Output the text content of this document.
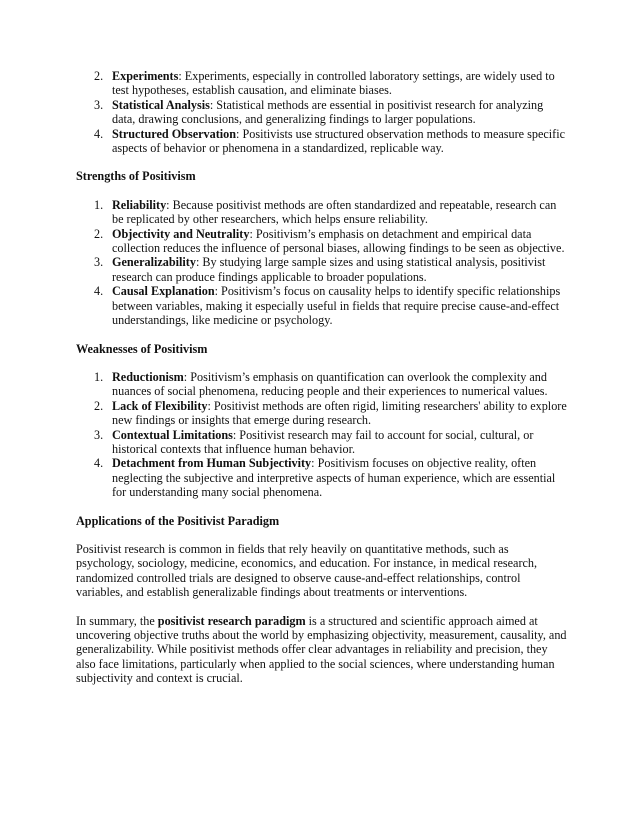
2. Experiments: Experiments, especially in controlled laboratory settings, are widely used to test hypotheses, establish causation, and eliminate biases.
3. Statistical Analysis: Statistical methods are essential in positivist research for analyzing data, drawing conclusions, and generalizing findings to larger populations.
4. Structured Observation: Positivists use structured observation methods to measure specific aspects of behavior or phenomena in a standardized, replicable way.
Strengths of Positivism
1. Reliability: Because positivist methods are often standardized and repeatable, research can be replicated by other researchers, which helps ensure reliability.
2. Objectivity and Neutrality: Positivism’s emphasis on detachment and empirical data collection reduces the influence of personal biases, allowing findings to be seen as objective.
3. Generalizability: By studying large sample sizes and using statistical analysis, positivist research can produce findings applicable to broader populations.
4. Causal Explanation: Positivism’s focus on causality helps to identify specific relationships between variables, making it especially useful in fields that require precise cause-and-effect understandings, like medicine or psychology.
Weaknesses of Positivism
1. Reductionism: Positivism’s emphasis on quantification can overlook the complexity and nuances of social phenomena, reducing people and their experiences to numerical values.
2. Lack of Flexibility: Positivist methods are often rigid, limiting researchers' ability to explore new findings or insights that emerge during research.
3. Contextual Limitations: Positivist research may fail to account for social, cultural, or historical contexts that influence human behavior.
4. Detachment from Human Subjectivity: Positivism focuses on objective reality, often neglecting the subjective and interpretive aspects of human experience, which are essential for understanding many social phenomena.
Applications of the Positivist Paradigm

Positivist research is common in fields that rely heavily on quantitative methods, such as psychology, sociology, medicine, economics, and education. For instance, in medical research, randomized controlled trials are designed to observe cause-and-effect relationships, control variables, and establish generalizable findings about treatments or interventions.

In summary, the positivist research paradigm is a structured and scientific approach aimed at uncovering objective truths about the world by emphasizing objectivity, measurement, causality, and generalizability. While positivist methods offer clear advantages in reliability and precision, they also face limitations, particularly when applied to the social sciences, where understanding human subjectivity and context is crucial.
